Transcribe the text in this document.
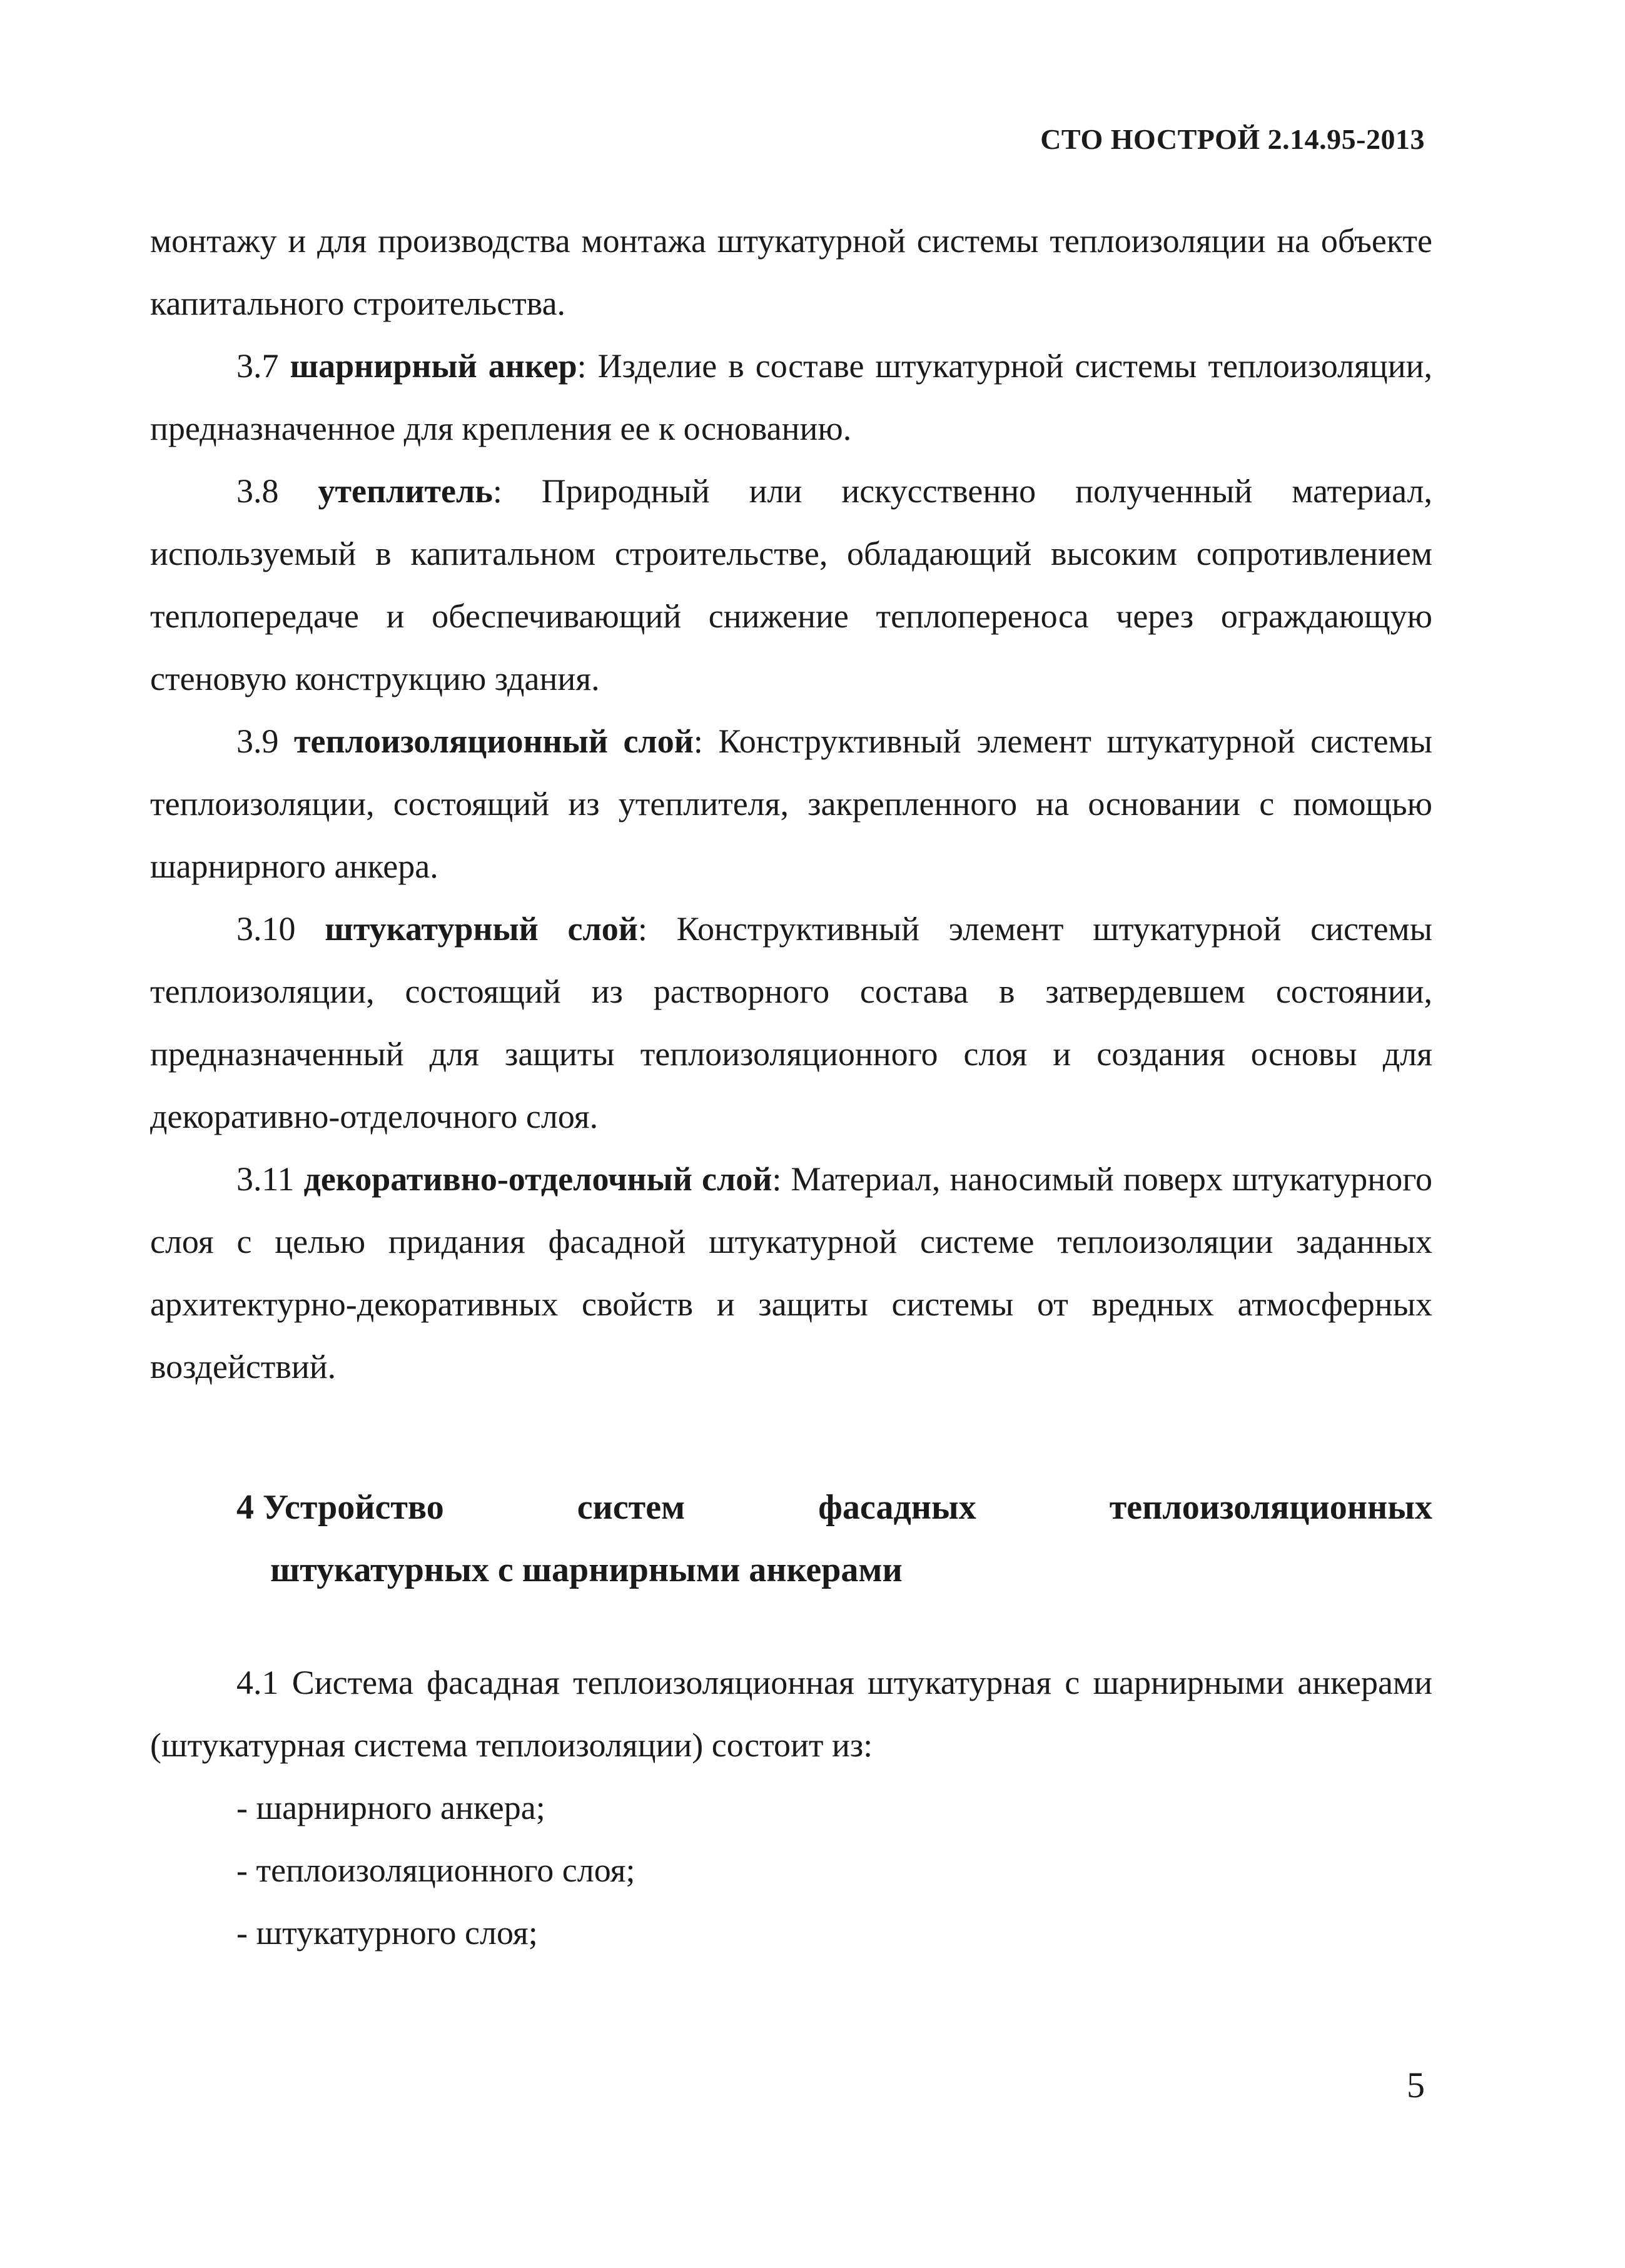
СТО НОСТРОЙ 2.14.95-2013

монтажу и для производства монтажа штукатурной системы теплоизоляции на объекте капитального строительства.

3.7 шарнирный анкер: Изделие в составе штукатурной системы теплоизоляции, предназначенное для крепления ее к основанию.

3.8 утеплитель: Природный или искусственно полученный материал, используемый в капитальном строительстве, обладающий высоким сопротивлением теплопередаче и обеспечивающий снижение теплопереноса через ограждающую стеновую конструкцию здания.

3.9 теплоизоляционный слой: Конструктивный элемент штукатурной системы теплоизоляции, состоящий из утеплителя, закрепленного на основании с помощью шарнирного анкера.

3.10 штукатурный слой: Конструктивный элемент штукатурной системы теплоизоляции, состоящий из растворного состава в затвердевшем состоянии, предназначенный для защиты теплоизоляционного слоя и создания основы для декоративно-отделочного слоя.

3.11 декоративно-отделочный слой: Материал, наносимый поверх штукатурного слоя с целью придания фасадной штукатурной системе теплоизоляции заданных архитектурно-декоративных свойств и защиты системы от вредных атмосферных воздействий.

4 Устройство	систем	фасадных	теплоизоляционных
штукатурных с шарнирными анкерами

4.1 Система фасадная теплоизоляционная штукатурная с шарнирными анкерами (штукатурная система теплоизоляции) состоит из:

- шарнирного анкера;

- теплоизоляционного слоя;

- штукатурного слоя;

5
